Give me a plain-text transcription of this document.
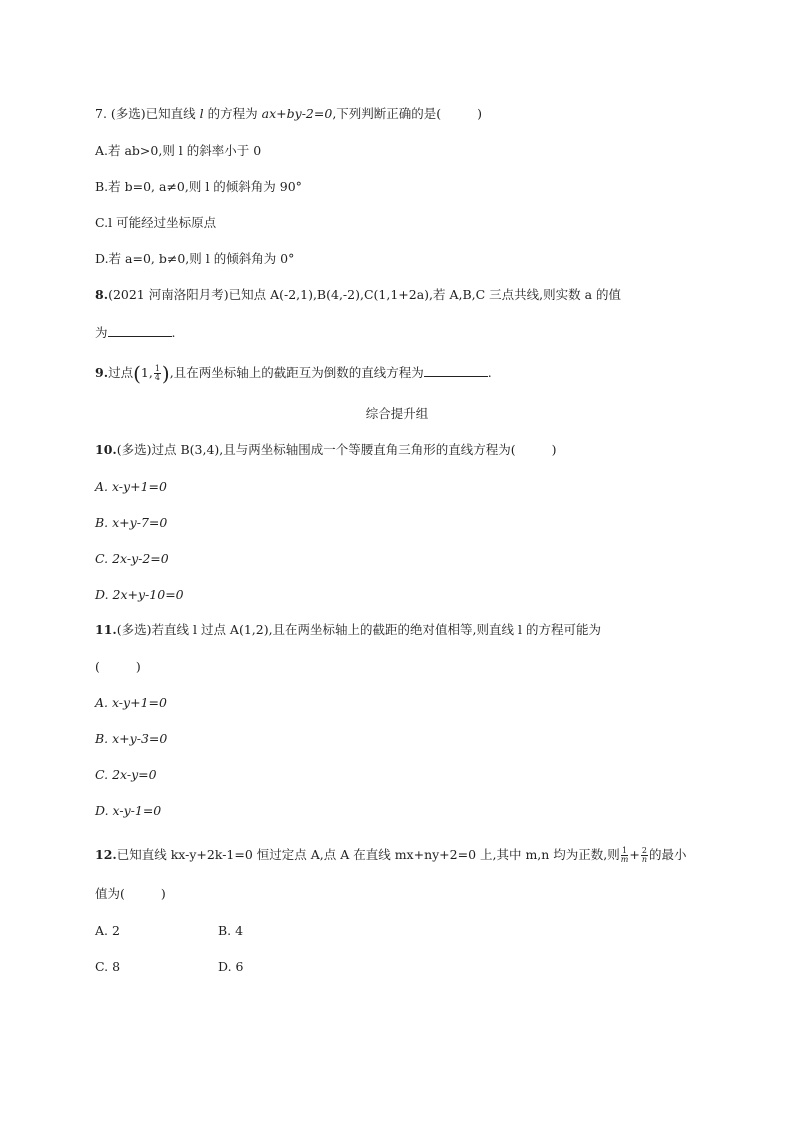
7. (多选)已知直线 l 的方程为 ax+by-2=0,下列判断正确的是(	)
A.若 ab>0,则 l 的斜率小于 0
B.若 b=0, a≠0,则 l 的倾斜角为 90°
C.l 可能经过坐标原点
D.若 a=0, b≠0,则 l 的倾斜角为 0°
8.(2021 河南洛阳月考)已知点 A(-2,1),B(4,-2),C(1,1+2a),若 A,B,C 三点共线,则实数 a 的值
为	.
9.过点(1, $\frac{1}{4}$ ),且在两坐标轴上的截距互为倒数的直线方程为	.
综合提升组
10.(多选)过点 B(3,4),且与两坐标轴围成一个等腰直角三角形的直线方程为(	)
A. x-y+1=0
B. x+y-7=0
C. 2x-y-2=0
D. 2x+y-10=0
11.(多选)若直线 l 过点 A(1,2),且在两坐标轴上的截距的绝对值相等,则直线 l 的方程可能为
(	)
A. x-y+1=0
B. x+y-3=0
C. 2x-y=0
D. x-y-1=0
12.已知直线 kx-y+2k-1=0 恒过定点 A,点 A 在直线 mx+ny+2=0 上,其中 m,n 均为正数,则 $\frac{1}{m} + \frac{2}{n}$ 的最小
值为(	)
A. 2	B. 4
C. 8	D. 6
